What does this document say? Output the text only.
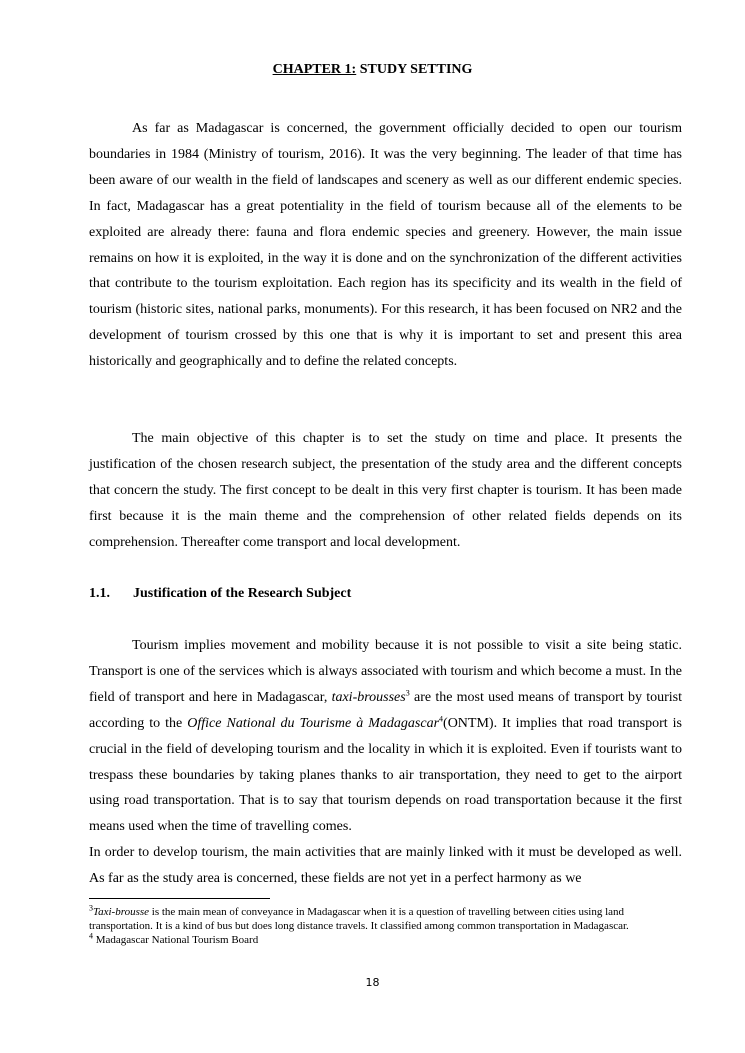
CHAPTER 1: STUDY SETTING

As far as Madagascar is concerned, the government officially decided to open our tourism boundaries in 1984 (Ministry of tourism, 2016). It was the very beginning. The leader of that time has been aware of our wealth in the field of landscapes and scenery as well as our different endemic species. In fact, Madagascar has a great potentiality in the field of tourism because all of the elements to be exploited are already there: fauna and flora endemic species and greenery. However, the main issue remains on how it is exploited, in the way it is done and on the synchronization of the different activities that contribute to the tourism exploitation. Each region has its specificity and its wealth in the field of tourism (historic sites, national parks, monuments). For this research, it has been focused on NR2 and the development of tourism crossed by this one that is why it is important to set and present this area historically and geographically and to define the related concepts.

The main objective of this chapter is to set the study on time and place. It presents the justification of the chosen research subject, the presentation of the study area and the different concepts that concern the study. The first concept to be dealt in this very first chapter is tourism. It has been made first because it is the main theme and the comprehension of other related fields depends on its comprehension. Thereafter come transport and local development.

1.1. Justification of the Research Subject

Tourism implies movement and mobility because it is not possible to visit a site being static. Transport is one of the services which is always associated with tourism and which become a must. In the field of transport and here in Madagascar, taxi-brousses$^3$ are the most used means of transport by tourist according to the Office National du Tourisme à Madagascar$^4$(ONTM). It implies that road transport is crucial in the field of developing tourism and the locality in which it is exploited. Even if tourists want to trespass these boundaries by taking planes thanks to air transportation, they need to get to the airport using road transportation. That is to say that tourism depends on road transportation because it the first means used when the time of travelling comes.

In order to develop tourism, the main activities that are mainly linked with it must be developed as well. As far as the study area is concerned, these fields are not yet in a perfect harmony as we

$^3$Taxi-brousse is the main mean of conveyance in Madagascar when it is a question of travelling between cities using land transportation. It is a kind of bus but does long distance travels. It classified among common transportation in Madagascar.

$^4$ Madagascar National Tourism Board

18
